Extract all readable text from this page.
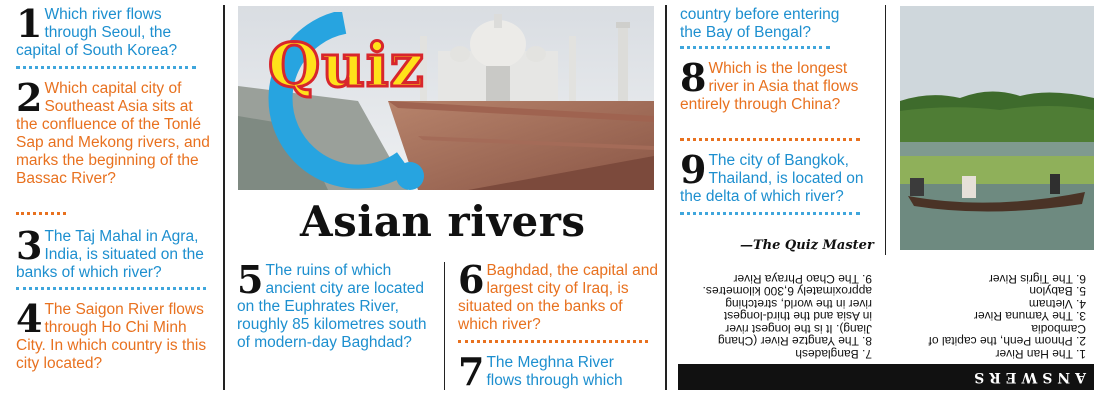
1 Which river flows through Seoul, the capital of South Korea?
2 Which capital city of Southeast Asia sits at the confluence of the Tonlé Sap and Mekong rivers, and marks the beginning of the Bassac River?
3 The Taj Mahal in Agra, India, is situated on the banks of which river?
4 The Saigon River flows through Ho Chi Minh City. In which country is this city located?
Quiz
Asian rivers
5 The ruins of which ancient city are located on the Euphrates River, roughly 85 kilometres south of modern-day Baghdad?
6 Baghdad, the capital and largest city of Iraq, is situated on the banks of which river?
7 The Meghna River flows through which
country before entering the Bay of Bengal?
8 Which is the longest river in Asia that flows entirely through China?
9 The city of Bangkok, Thailand, is located on the delta of which river?
—The Quiz Master
ANSWERS
1. The Han River
2. Phnom Penh, the capital of
Cambodia
3. The Yamuna River
4. Vietnam
5. Babylon
6. The Tigris River
7. Bangladesh
8. The Yangtze River (Chang
Jiang). It is the longest river
in Asia and the third-longest
river in the world, stretching
approximately 6,300 kilometres.
9. The Chao Phraya River
